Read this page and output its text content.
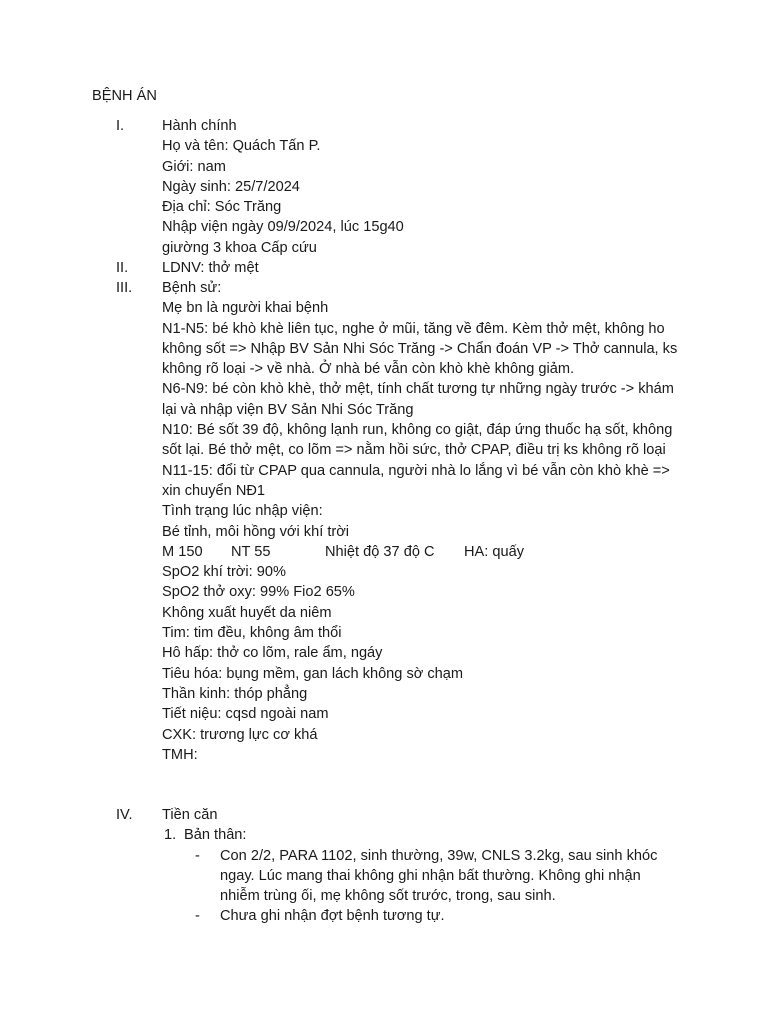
BỆNH ÁN
I.	Hành chính
Họ và tên: Quách Tấn P.
Giới: nam
Ngày sinh: 25/7/2024
Địa chỉ: Sóc Trăng
Nhập viện ngày 09/9/2024, lúc 15g40
giường 3 khoa Cấp cứu
II. LDNV: thở mệt
III. Bệnh sử:
Mẹ bn là người khai bệnh
N1-N5: bé khò khè liên tục, nghe ở mũi, tăng về đêm. Kèm thở mệt, không ho không sốt => Nhập BV Sản Nhi Sóc Trăng -> Chẩn đoán VP -> Thở cannula, ks không rõ loại -> về nhà. Ở nhà bé vẫn còn khò khè không giảm.
N6-N9: bé còn khò khè, thở mệt, tính chất tương tự những ngày trước -> khám lại và nhập viện BV Sản Nhi Sóc Trăng
N10: Bé sốt 39 độ, không lạnh run, không co giật, đáp ứng thuốc hạ sốt, không sốt lại. Bé thở mệt, co lõm => nằm hồi sức, thở CPAP, điều trị ks không rõ loại
N11-15: đổi từ CPAP qua cannula, người nhà lo lắng vì bé vẫn còn khò khè => xin chuyển NĐ1
Tình trạng lúc nhập viện:
Bé tỉnh, môi hồng với khí trời
M 150 NT 55	Nhiệt độ 37 độ C HA: quấy
SpO2 khí trời: 90%
SpO2 thở oxy: 99% Fio2 65%
Không xuất huyết da niêm
Tim: tim đều, không âm thổi
Hô hấp: thở co lõm, rale ẩm, ngáy
Tiêu hóa: bụng mềm, gan lách không sờ chạm
Thần kinh: thóp phẳng
Tiết niệu: cqsd ngoài nam
CXK: trương lực cơ khá
TMH:
IV. Tiền căn
1. Bản thân:
- Con 2/2, PARA 1102, sinh thường, 39w, CNLS 3.2kg, sau sinh khóc ngay. Lúc mang thai không ghi nhận bất thường. Không ghi nhận nhiễm trùng ối, mẹ không sốt trước, trong, sau sinh.
- Chưa ghi nhận đợt bệnh tương tự.
